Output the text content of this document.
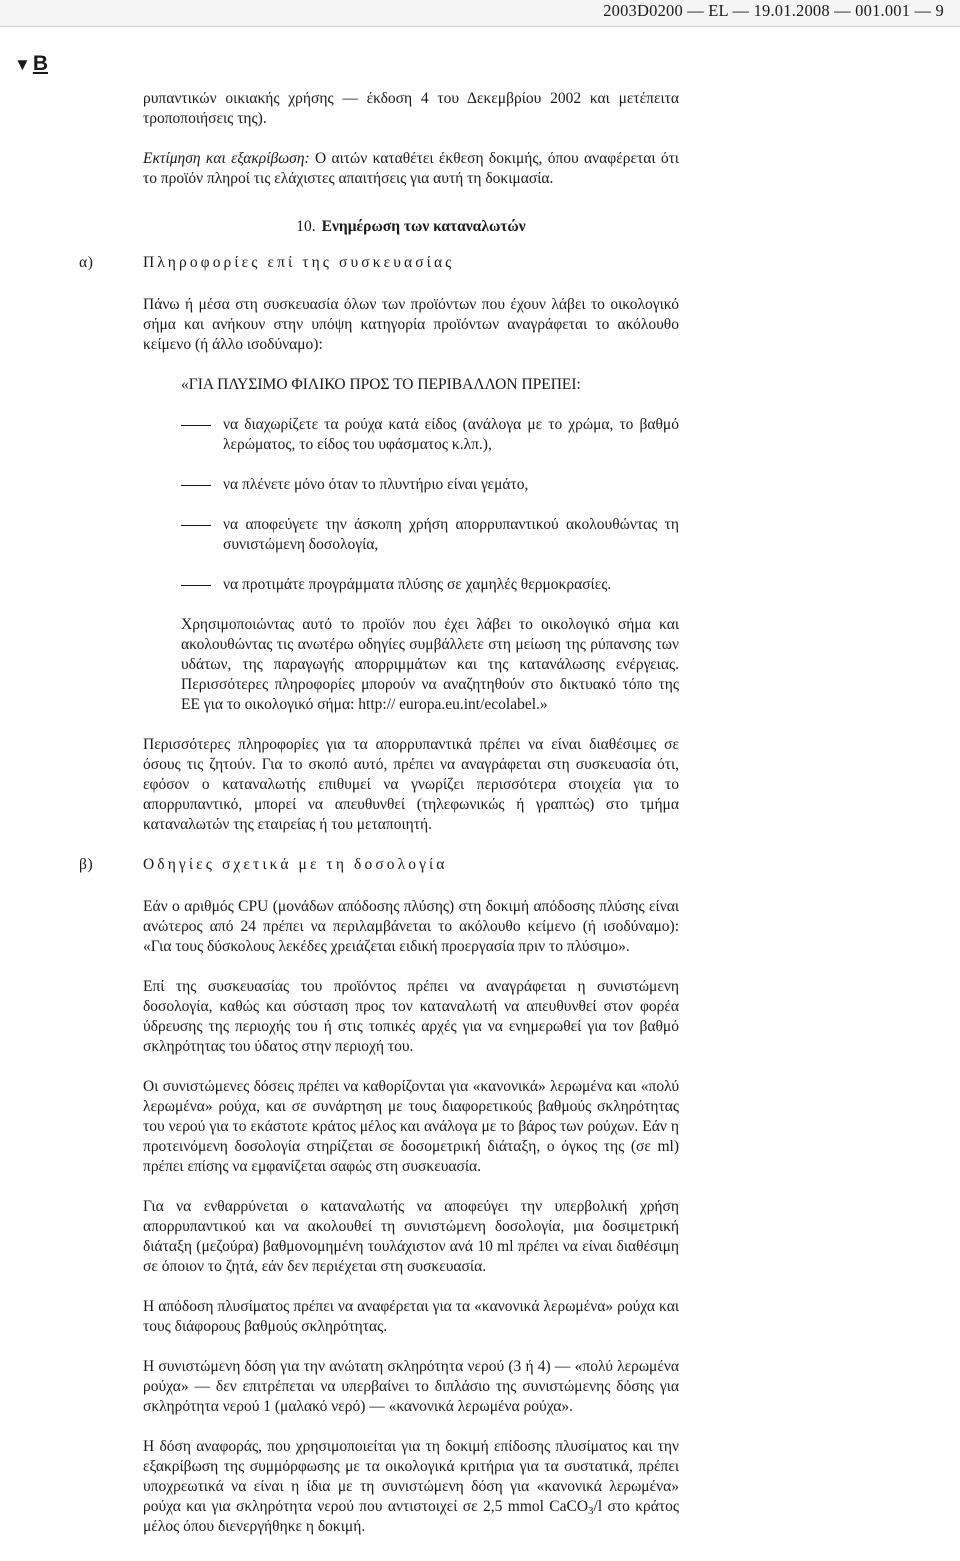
2003D0200 — EL — 19.01.2008 — 001.001 — 9
▼B

ρυπαντικών οικιακής χρήσης — έκδοση 4 του Δεκεμβρίου 2002 και μετέπειτα τροποποιήσεις της).

Εκτίμηση και εξακρίβωση: Ο αιτών καταθέτει έκθεση δοκιμής, όπου αναφέρεται ότι το προϊόν πληροί τις ελάχιστες απαιτήσεις για αυτή τη δοκιμασία.

10. Ενημέρωση των καταναλωτών
α)	Πληροφορίες επί της συσκευασίας

Πάνω ή μέσα στη συσκευασία όλων των προϊόντων που έχουν λάβει το οικολογικό σήμα και ανήκουν στην υπόψη κατηγορία προϊόντων αναγράφεται το ακόλουθο κείμενο (ή άλλο ισοδύναμο):

«ΓΙΑ ΠΛΥΣΙΜΟ ΦΙΛΙΚΟ ΠΡΟΣ ΤΟ ΠΕΡΙΒΑΛΛΟΝ ΠΡΕΠΕΙ:

να διαχωρίζετε τα ρούχα κατά είδος (ανάλογα με το χρώμα, το βαθμό λερώματος, το είδος του υφάσματος κ.λπ.),
να πλένετε μόνο όταν το πλυντήριο είναι γεμάτο,
να αποφεύγετε την άσκοπη χρήση απορρυπαντικού ακολουθώντας τη συνιστώμενη δοσολογία,
να προτιμάτε προγράμματα πλύσης σε χαμηλές θερμοκρασίες.

Χρησιμοποιώντας αυτό το προϊόν που έχει λάβει το οικολογικό σήμα και ακολουθώντας τις ανωτέρω οδηγίες συμβάλλετε στη μείωση της ρύπανσης των υδάτων, της παραγωγής απορριμμάτων και της κατανάλωσης ενέργειας. Περισσότερες πληροφορίες μπορούν να αναζητηθούν στο δικτυακό τόπο της ΕΕ για το οικολογικό σήμα: http:// europa.eu.int/ecolabel.»

Περισσότερες πληροφορίες για τα απορρυπαντικά πρέπει να είναι διαθέσιμες σε όσους τις ζητούν. Για το σκοπό αυτό, πρέπει να αναγράφεται στη συσκευασία ότι, εφόσον ο καταναλωτής επιθυμεί να γνωρίζει περισσότερα στοιχεία για το απορρυπαντικό, μπορεί να απευθυνθεί (τηλεφωνικώς ή γραπτώς) στο τμήμα καταναλωτών της εταιρείας ή του μεταποιητή.

β)	Οδηγίες σχετικά με τη δοσολογία

Εάν ο αριθμός CPU (μονάδων απόδοσης πλύσης) στη δοκιμή απόδοσης πλύσης είναι ανώτερος από 24 πρέπει να περιλαμβάνεται το ακόλουθο κείμενο (ή ισοδύναμο): «Για τους δύσκολους λεκέδες χρειάζεται ειδική προεργασία πριν το πλύσιμο».

Επί της συσκευασίας του προϊόντος πρέπει να αναγράφεται η συνιστώμενη δοσολογία, καθώς και σύσταση προς τον καταναλωτή να απευθυνθεί στον φορέα ύδρευσης της περιοχής του ή στις τοπικές αρχές για να ενημερωθεί για τον βαθμό σκληρότητας του ύδατος στην περιοχή του.

Οι συνιστώμενες δόσεις πρέπει να καθορίζονται για «κανονικά» λερωμένα και «πολύ λερωμένα» ρούχα, και σε συνάρτηση με τους διαφορετικούς βαθμούς σκληρότητας του νερού για το εκάστοτε κράτος μέλος και ανάλογα με το βάρος των ρούχων. Εάν η προτεινόμενη δοσολογία στηρίζεται σε δοσομετρική διάταξη, ο όγκος της (σε ml) πρέπει επίσης να εμφανίζεται σαφώς στη συσκευασία.

Για να ενθαρρύνεται ο καταναλωτής να αποφεύγει την υπερβολική χρήση απορρυπαντικού και να ακολουθεί τη συνιστώμενη δοσολογία, μια δοσιμετρική διάταξη (μεζούρα) βαθμονομημένη τουλάχιστον ανά 10 ml πρέπει να είναι διαθέσιμη σε όποιον το ζητά, εάν δεν περιέχεται στη συσκευασία.

Η απόδοση πλυσίματος πρέπει να αναφέρεται για τα «κανονικά λερωμένα» ρούχα και τους διάφορους βαθμούς σκληρότητας.

Η συνιστώμενη δόση για την ανώτατη σκληρότητα νερού (3 ή 4) — «πολύ λερωμένα ρούχα» — δεν επιτρέπεται να υπερβαίνει το διπλάσιο της συνιστώμενης δόσης για σκληρότητα νερού 1 (μαλακό νερό) — «κανονικά λερωμένα ρούχα».

Η δόση αναφοράς, που χρησιμοποιείται για τη δοκιμή επίδοσης πλυσίματος και την εξακρίβωση της συμμόρφωσης με τα οικολογικά κριτήρια για τα συστατικά, πρέπει υποχρεωτικά να είναι η ίδια με τη συνιστώμενη δόση για «κανονικά λερωμένα» ρούχα και για σκληρότητα νερού που αντιστοιχεί σε 2,5 mmol CaCO$_3$/l στο κράτος μέλος όπου διενεργήθηκε η δοκιμή.
